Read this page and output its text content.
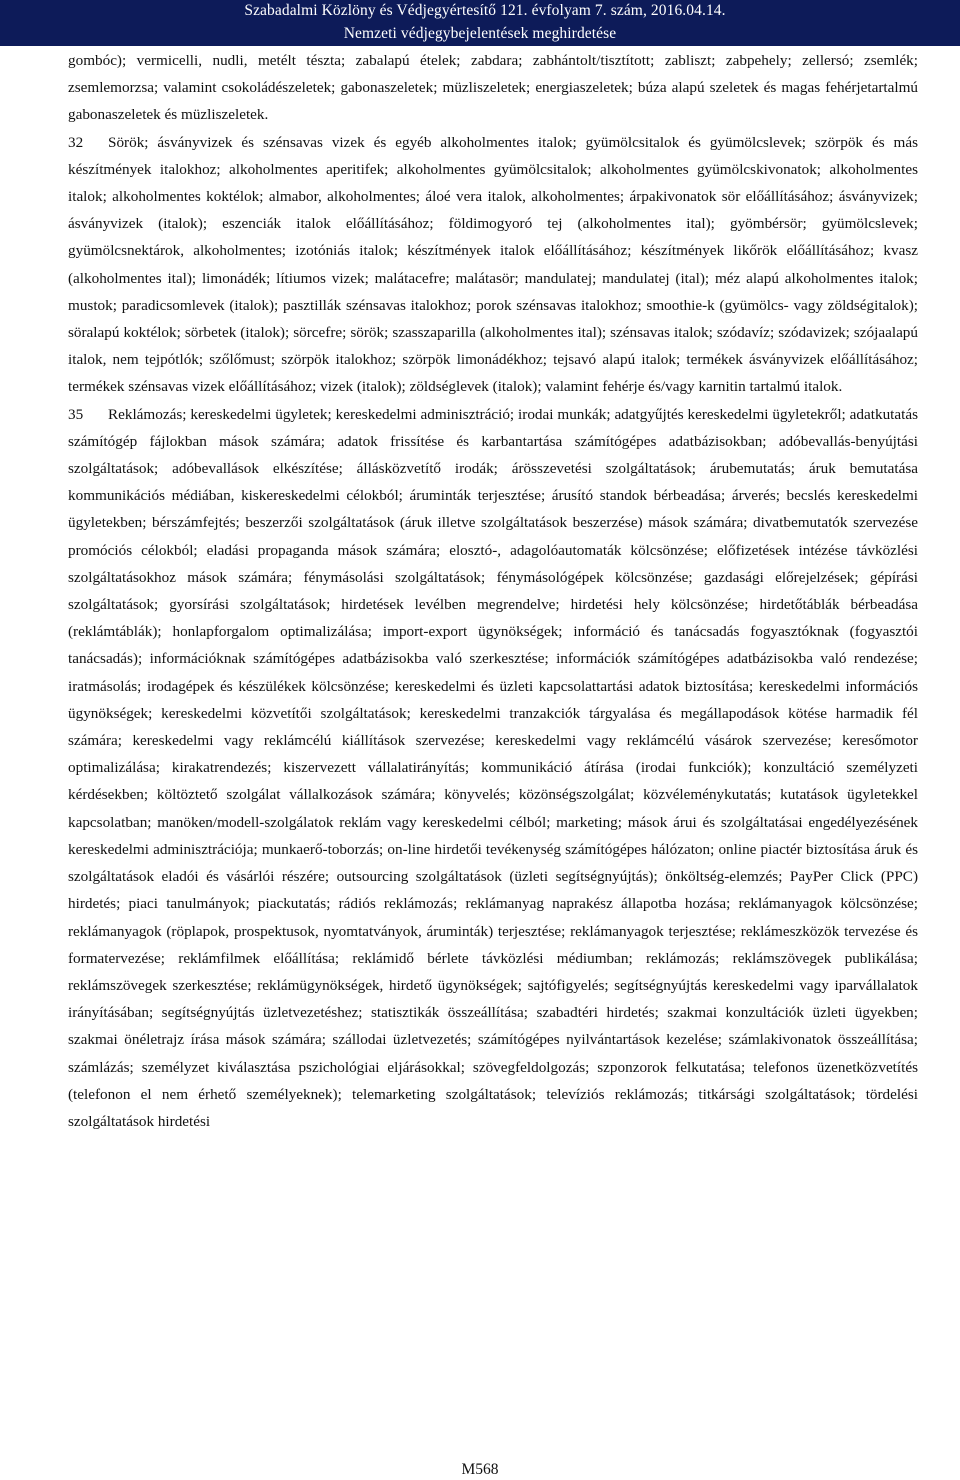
Szabadalmi Közlöny és Védjegyértesítő 121. évfolyam 7. szám, 2016.04.14.
Nemzeti védjegybejelentések meghirdetése

gombóc); vermicelli, nudli, metélt tészta; zabalapú ételek; zabdara; zabhántolt/tisztított; zabliszt; zabpehely; zellersó; zsemlék; zsemlemorzsa; valamint csokoládészeletek; gabonaszeletek; müzliszeletek; energiaszeletek; búza alapú szeletek és magas fehérjetartalmú gabonaszeletek és müzliszeletek.

32 Sörök; ásványvizek és szénsavas vizek és egyéb alkoholmentes italok; gyümölcsitalok és gyümölcslevek; szörpök és más készítmények italokhoz; alkoholmentes aperitifek; alkoholmentes gyümölcsitalok; alkoholmentes gyümölcskivonatok; alkoholmentes italok; alkoholmentes koktélok; almabor, alkoholmentes; áloé vera italok, alkoholmentes; árpakivonatok sör előállításához; ásványvizek; ásványvizek (italok); eszenciák italok előállításához; földimogyoró tej (alkoholmentes ital); gyömbérsör; gyümölcslevek; gyümölcsnektárok, alkoholmentes; izotóniás italok; készítmények italok előállításához; készítmények likőrök előállításához; kvasz (alkoholmentes ital); limonádék; lítiumos vizek; malátacefre; malátasör; mandulatej; mandulatej (ital); méz alapú alkoholmentes italok; mustok; paradicsomlevek (italok); pasztillák szénsavas italokhoz; porok szénsavas italokhoz; smoothie-k (gyümölcs- vagy zöldségitalok); söralapú koktélok; sörbetek (italok); sörcefre; sörök; szasszaparilla (alkoholmentes ital); szénsavas italok; szódavíz; szódavizek; szójaalapú italok, nem tejpótlók; szőlőmust; szörpök italokhoz; szörpök limonádékhoz; tejsavó alapú italok; termékek ásványvizek előállításához; termékek szénsavas vizek előállításához; vizek (italok); zöldséglevek (italok); valamint fehérje és/vagy karnitin tartalmú italok.

35 Reklámozás; kereskedelmi ügyletek; kereskedelmi adminisztráció; irodai munkák; adatgyűjtés kereskedelmi ügyletekről; adatkutatás számítógép fájlokban mások számára; adatok frissítése és karbantartása számítógépes adatbázisokban; adóbevallás-benyújtási szolgáltatások; adóbevallások elkészítése; állásközvetítő irodák; árösszevetési szolgáltatások; árubemutatás; áruk bemutatása kommunikációs médiában, kiskereskedelmi célokból; áruminták terjesztése; árusító standok bérbeadása; árverés; becslés kereskedelmi ügyletekben; bérszámfejtés; beszerzői szolgáltatások (áruk illetve szolgáltatások beszerzése) mások számára; divatbemutatók szervezése promóciós célokból; eladási propaganda mások számára; elosztó-, adagolóautomaták kölcsönzése; előfizetések intézése távközlési szolgáltatásokhoz mások számára; fénymásolási szolgáltatások; fénymásológépek kölcsönzése; gazdasági előrejelzések; gépírási szolgáltatások; gyorsírási szolgáltatások; hirdetések levélben megrendelve; hirdetési hely kölcsönzése; hirdetőtáblák bérbeadása (reklámtáblák); honlapforgalom optimalizálása; import-export ügynökségek; információ és tanácsadás fogyasztóknak (fogyasztói tanácsadás); információknak számítógépes adatbázisokba való szerkesztése; információk számítógépes adatbázisokba való rendezése; iratmásolás; irodagépek és készülékek kölcsönzése; kereskedelmi és üzleti kapcsolattartási adatok biztosítása; kereskedelmi információs ügynökségek; kereskedelmi közvetítői szolgáltatások; kereskedelmi tranzakciók tárgyalása és megállapodások kötése harmadik fél számára; kereskedelmi vagy reklámcélú kiállítások szervezése; kereskedelmi vagy reklámcélú vásárok szervezése; keresőmotor optimalizálása; kirakatrendezés; kiszervezett vállalatirányítás; kommunikáció átírása (irodai funkciók); konzultáció személyzeti kérdésekben; költöztető szolgálat vállalkozások számára; könyvelés; közönségszolgálat; közvéleménykutatás; kutatások ügyletekkel kapcsolatban; manöken/modell-szolgálatok reklám vagy kereskedelmi célból; marketing; mások árui és szolgáltatásai engedélyezésének kereskedelmi adminisztrációja; munkaerő-toborzás; on-line hirdetői tevékenység számítógépes hálózaton; online piactér biztosítása áruk és szolgáltatások eladói és vásárlói részére; outsourcing szolgáltatások (üzleti segítségnyújtás); önköltség-elemzés; PayPer Click (PPC) hirdetés; piaci tanulmányok; piackutatás; rádiós reklámozás; reklámanyag naprakész állapotba hozása; reklámanyagok kölcsönzése; reklámanyagok (röplapok, prospektusok, nyomtatványok, áruminták) terjesztése; reklámanyagok terjesztése; reklámeszközök tervezése és formatervezése; reklámfilmek előállítása; reklámidő bérlete távközlési médiumban; reklámozás; reklámszövegek publikálása; reklámszövegek szerkesztése; reklámügynökségek, hirdető ügynökségek; sajtófigyelés; segítségnyújtás kereskedelmi vagy iparvállalatok irányításában; segítségnyújtás üzletvezetéshez; statisztikák összeállítása; szabadtéri hirdetés; szakmai konzultációk üzleti ügyekben; szakmai önéletrajz írása mások számára; szállodai üzletvezetés; számítógépes nyilvántartások kezelése; számlakivonatok összeállítása; számlázás; személyzet kiválasztása pszichológiai eljárásokkal; szövegfeldolgozás; szponzorok felkutatása; telefonos üzenetközvetítés (telefonon el nem érhető személyeknek); telemarketing szolgáltatások; televíziós reklámozás; titkársági szolgáltatások; tördelési szolgáltatások hirdetési

M568
